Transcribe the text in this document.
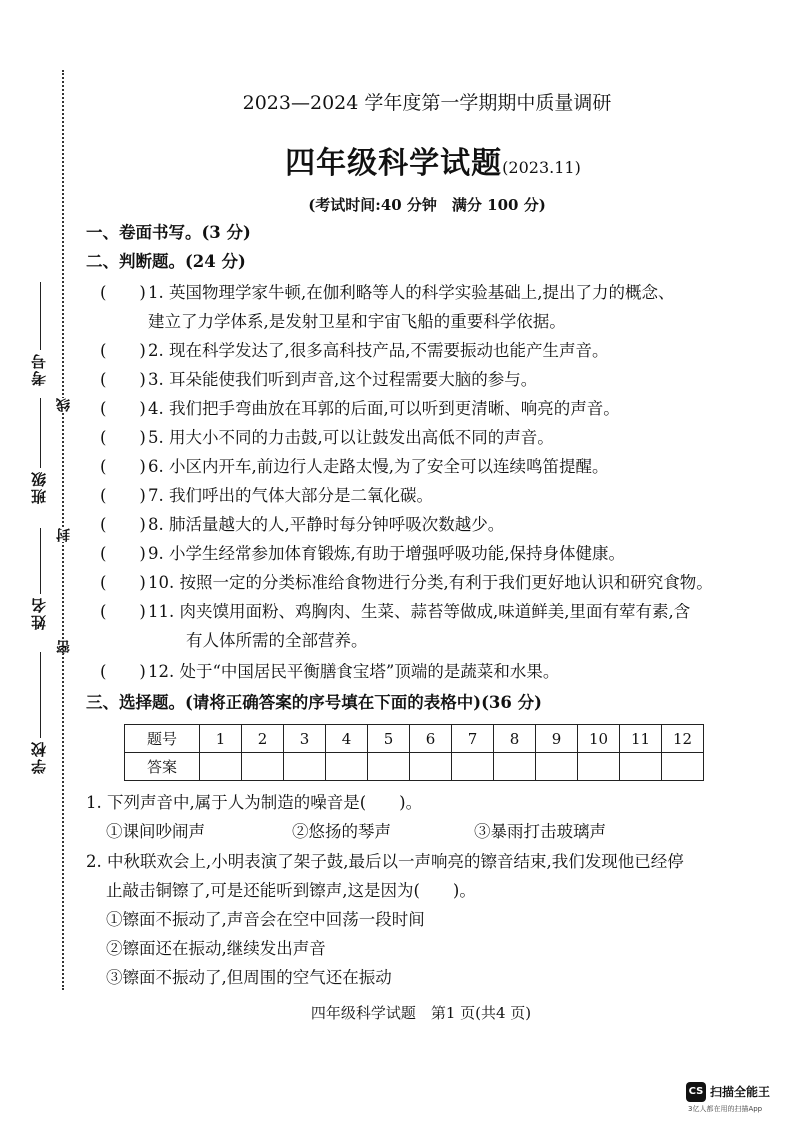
考号
班级
姓名
学校
线
封
密
2023—2024 学年度第一学期期中质量调研
四年级科学试题(2023.11)
(考试时间:40 分钟　满分 100 分)
一、卷面书写。(3 分)
二、判断题。(24 分)
(　　) 1. 英国物理学家牛顿,在伽利略等人的科学实验基础上,提出了力的概念、
建立了力学体系,是发射卫星和宇宙飞船的重要科学依据。
(　　) 2. 现在科学发达了,很多高科技产品,不需要振动也能产生声音。
(　　) 3. 耳朵能使我们听到声音,这个过程需要大脑的参与。
(　　) 4. 我们把手弯曲放在耳郭的后面,可以听到更清晰、响亮的声音。
(　　) 5. 用大小不同的力击鼓,可以让鼓发出高低不同的声音。
(　　) 6. 小区内开车,前边行人走路太慢,为了安全可以连续鸣笛提醒。
(　　) 7. 我们呼出的气体大部分是二氧化碳。
(　　) 8. 肺活量越大的人,平静时每分钟呼吸次数越少。
(　　) 9. 小学生经常参加体育锻炼,有助于增强呼吸功能,保持身体健康。
(　　) 10. 按照一定的分类标准给食物进行分类,有利于我们更好地认识和研究食物。
(　　) 11. 肉夹馍用面粉、鸡胸肉、生菜、蒜苔等做成,味道鲜美,里面有荤有素,含
有人体所需的全部营养。
(　　) 12. 处于“中国居民平衡膳食宝塔”顶端的是蔬菜和水果。
三、选择题。(请将正确答案的序号填在下面的表格中)(36 分)
题号	1	2	3	4	5	6	7	8	9	10	11	12
答案												
1. 下列声音中,属于人为制造的噪音是(　　)。
①课间吵闹声	②悠扬的琴声	③暴雨打击玻璃声
2. 中秋联欢会上,小明表演了架子鼓,最后以一声响亮的镲音结束,我们发现他已经停
止敲击铜镲了,可是还能听到镲声,这是因为(　　)。
①镲面不振动了,声音会在空中回荡一段时间
②镲面还在振动,继续发出声音
③镲面不振动了,但周围的空气还在振动
四年级科学试题　第1 页(共4 页)
CS 扫描全能王
3亿人都在用的扫描App
